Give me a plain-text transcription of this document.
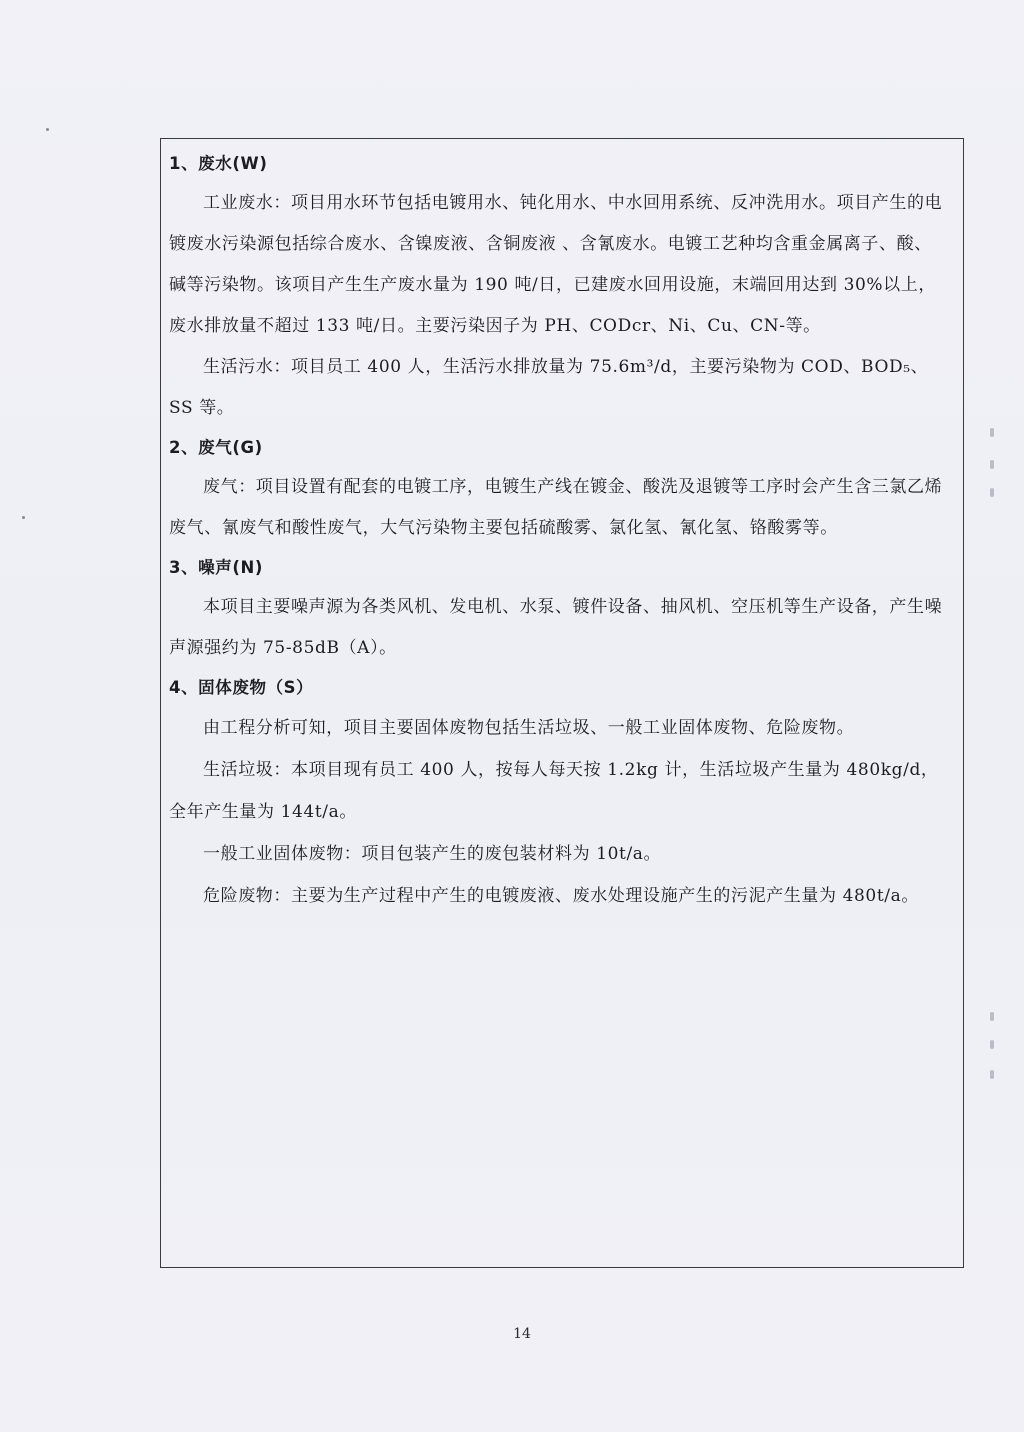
1、废水(W)

工业废水：项目用水环节包括电镀用水、钝化用水、中水回用系统、反冲洗用水。项目产生的电镀废水污染源包括综合废水、含镍废液、含铜废液 、含氰废水。电镀工艺种均含重金属离子、酸、碱等污染物。该项目产生生产废水量为 190 吨/日，已建废水回用设施，末端回用达到 30%以上，废水排放量不超过 133 吨/日。主要污染因子为 PH、CODcr、Ni、Cu、CN-等。

生活污水：项目员工 400 人，生活污水排放量为 75.6m³/d，主要污染物为 COD、BOD₅、SS 等。

2、废气(G)

废气：项目设置有配套的电镀工序，电镀生产线在镀金、酸洗及退镀等工序时会产生含三氯乙烯废气、氰废气和酸性废气，大气污染物主要包括硫酸雾、氯化氢、氰化氢、铬酸雾等。

3、噪声(N)

本项目主要噪声源为各类风机、发电机、水泵、镀件设备、抽风机、空压机等生产设备，产生噪声源强约为 75-85dB（A）。

4、固体废物（S）

由工程分析可知，项目主要固体废物包括生活垃圾、一般工业固体废物、危险废物。

生活垃圾：本项目现有员工 400 人，按每人每天按 1.2kg 计，生活垃圾产生量为 480kg/d，全年产生量为 144t/a。

一般工业固体废物：项目包装产生的废包装材料为 10t/a。

危险废物：主要为生产过程中产生的电镀废液、废水处理设施产生的污泥产生量为 480t/a。

14
